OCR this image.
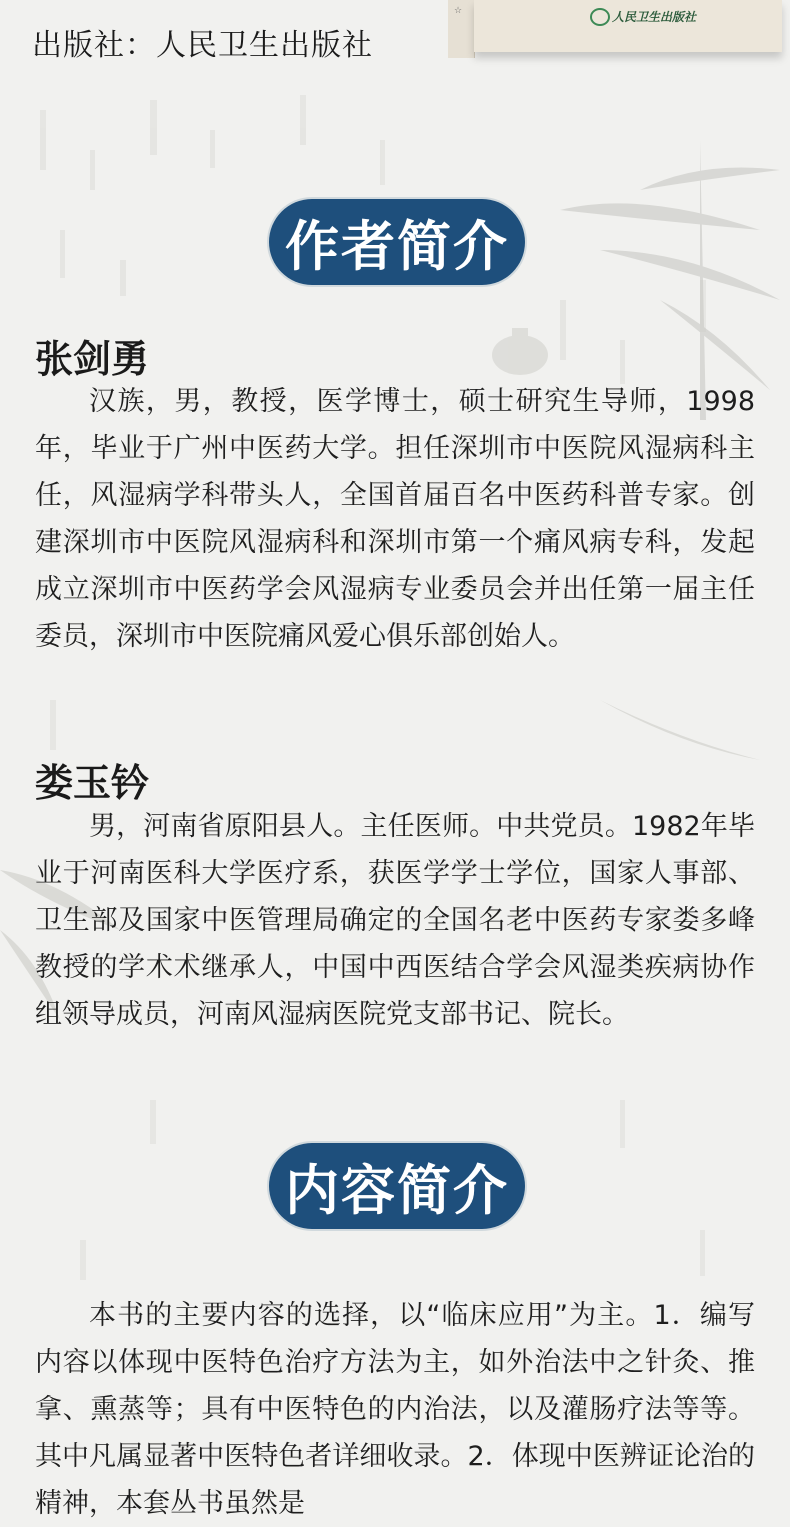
出版社：人民卫生出版社
☆	人民卫生出版社
作者简介
张剑勇

汉族，男，教授，医学博士，硕士研究生导师，1998年，毕业于广州中医药大学。担任深圳市中医院风湿病科主任，风湿病学科带头人，全国首届百名中医药科普专家。创建深圳市中医院风湿病科和深圳市第一个痛风病专科，发起成立深圳市中医药学会风湿病专业委员会并出任第一届主任委员，深圳市中医院痛风爱心俱乐部创始人。

娄玉钤

男，河南省原阳县人。主任医师。中共党员。1982年毕业于河南医科大学医疗系，获医学学士学位，国家人事部、卫生部及国家中医管理局确定的全国名老中医药专家娄多峰教授的学术术继承人，中国中西医结合学会风湿类疾病协作组领导成员，河南风湿病医院党支部书记、院长。

内容简介

本书的主要内容的选择，以“临床应用”为主。1．编写内容以体现中医特色治疗方法为主，如外治法中之针灸、推拿、熏蒸等；具有中医特色的内治法，以及灌肠疗法等等。其中凡属显著中医特色者详细收录。2．体现中医辨证论治的精神，本套丛书虽然是
